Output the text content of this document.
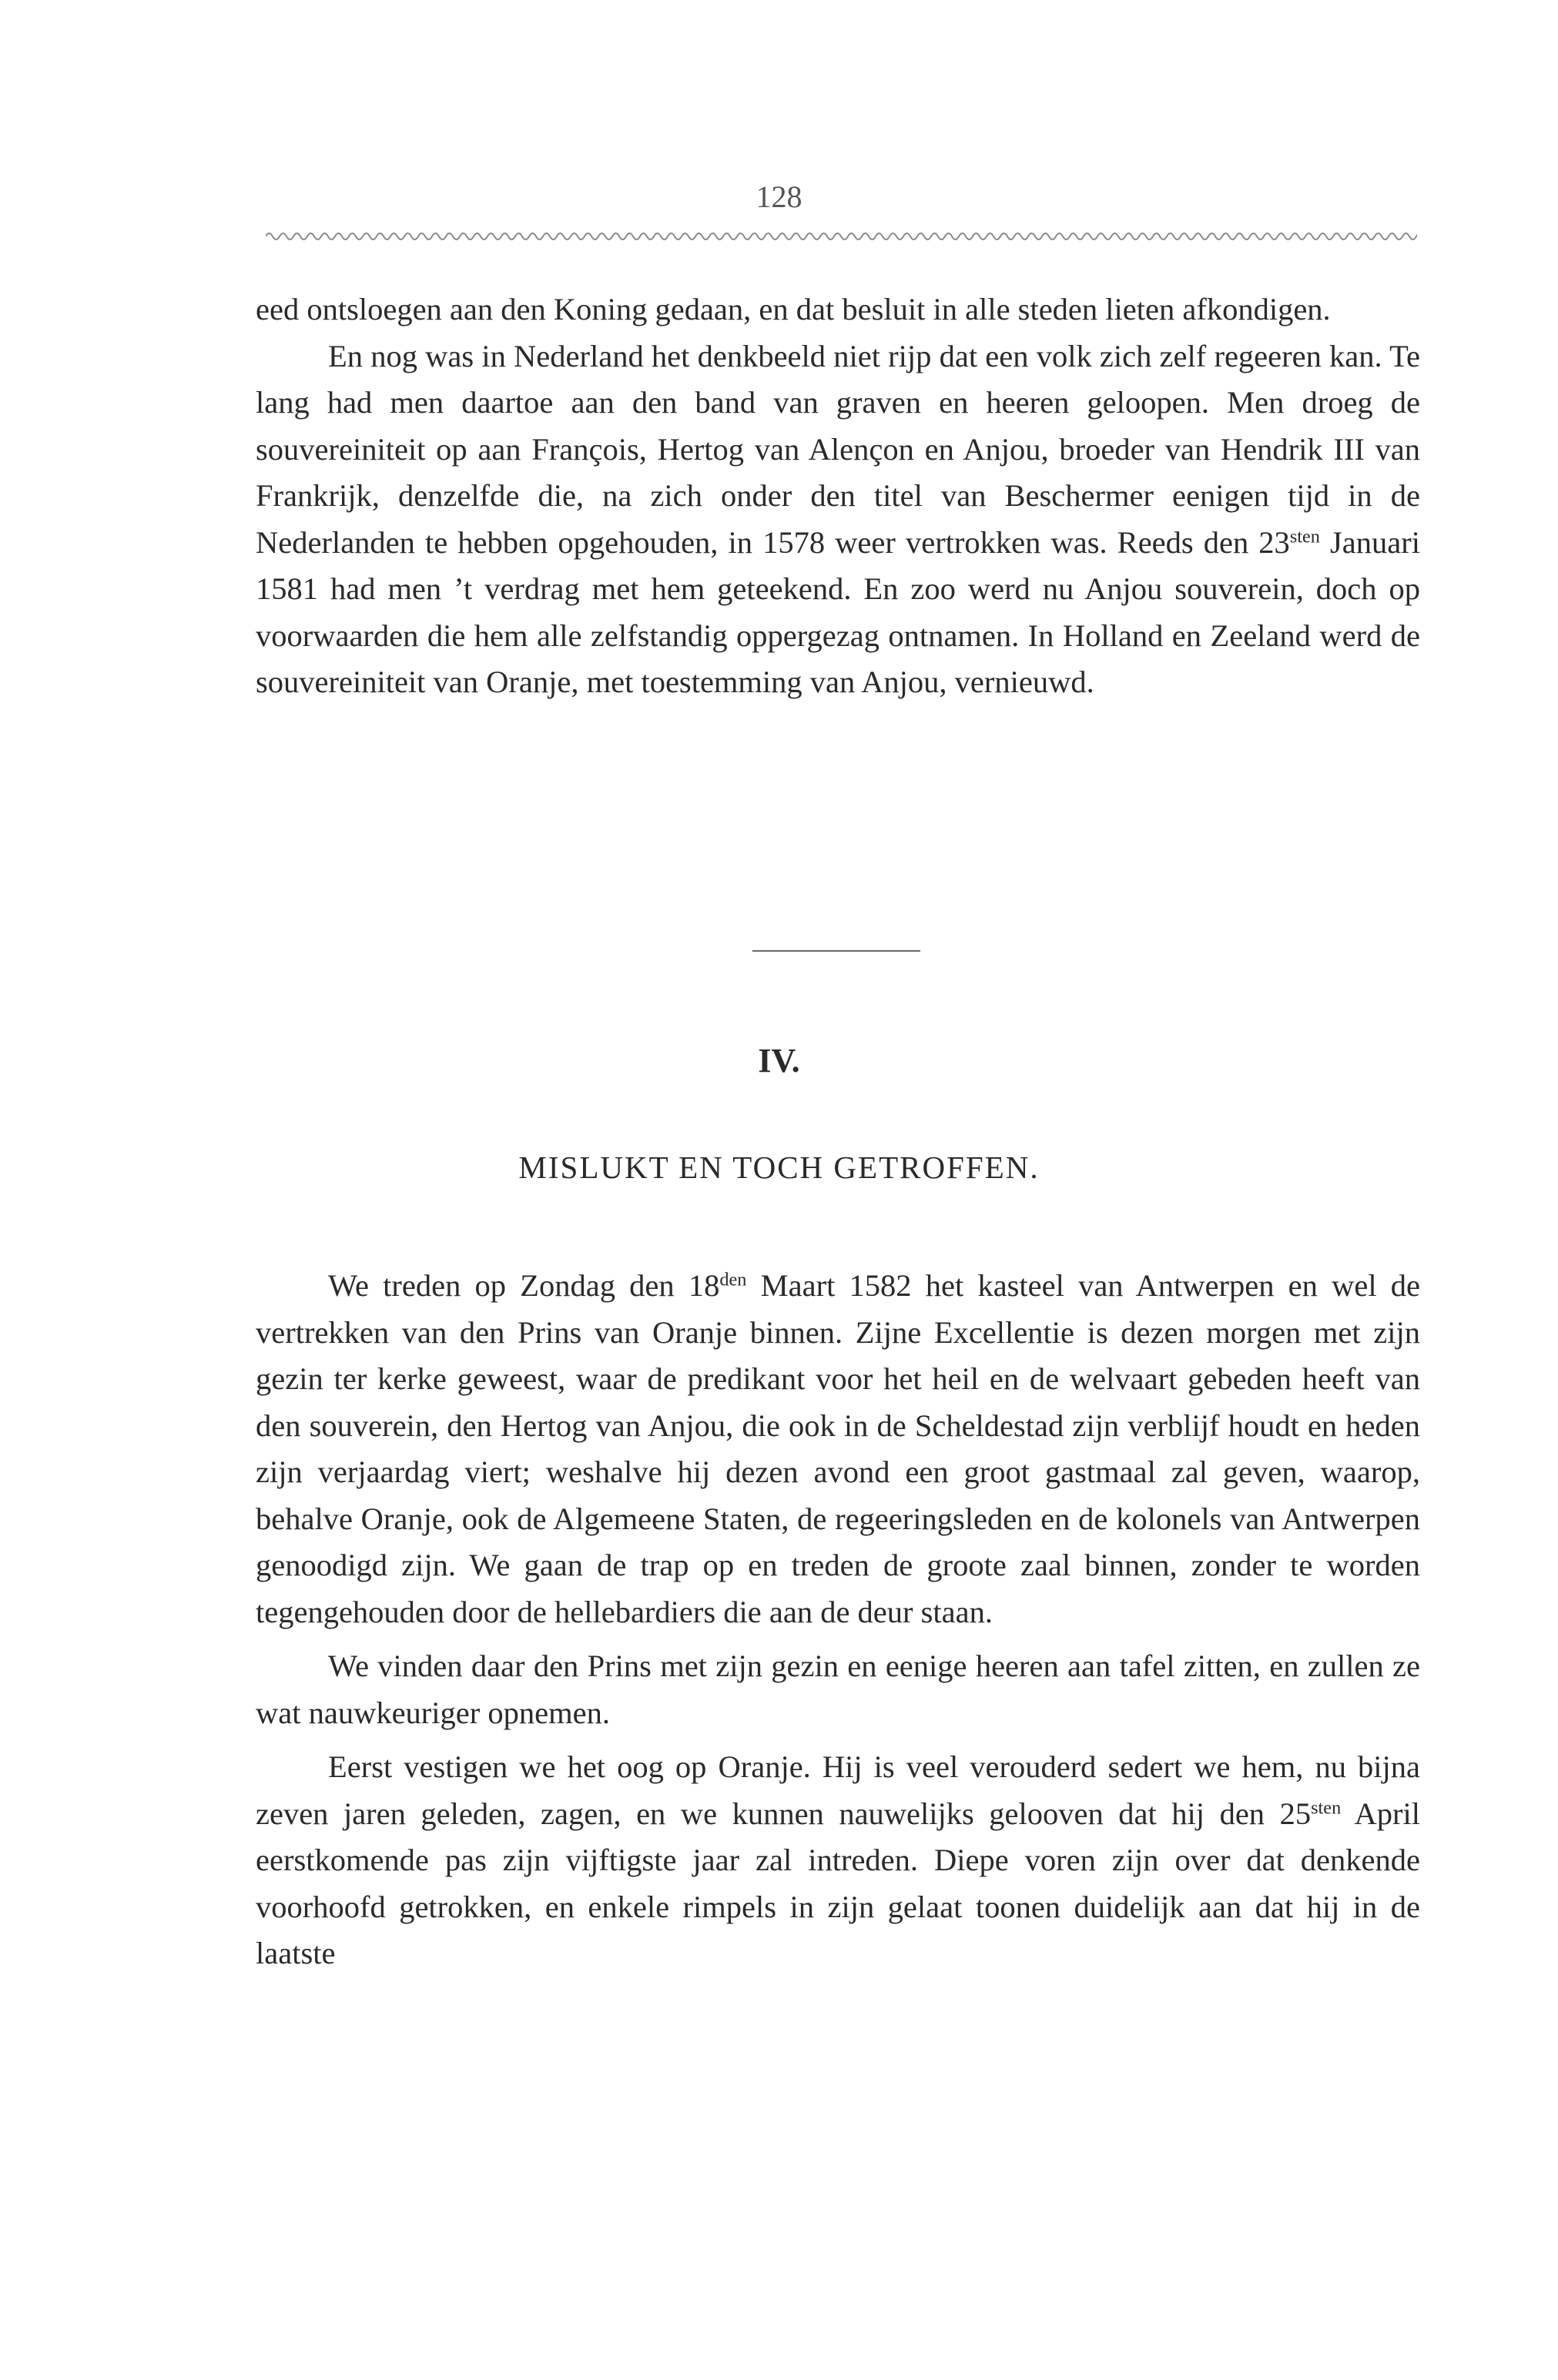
128

eed ontsloegen aan den Koning gedaan, en dat besluit in alle steden lieten afkondigen.

En nog was in Nederland het denkbeeld niet rijp dat een volk zich zelf regeeren kan. Te lang had men daartoe aan den band van graven en heeren geloopen. Men droeg de souvereiniteit op aan François, Hertog van Alençon en Anjou, broeder van Hendrik III van Frankrijk, denzelfde die, na zich onder den titel van Beschermer eenigen tijd in de Nederlanden te hebben opgehouden, in 1578 weer vertrokken was. Reeds den $23^{sten}$ Januari 1581 had men ’t verdrag met hem geteekend. En zoo werd nu Anjou souverein, doch op voorwaarden die hem alle zelfstandig oppergezag ontnamen. In Holland en Zeeland werd de souvereiniteit van Oranje, met toestemming van Anjou, vernieuwd.

IV.
MISLUKT EN TOCH GETROFFEN.

We treden op Zondag den $18^{den}$ Maart 1582 het kasteel van Antwerpen en wel de vertrekken van den Prins van Oranje binnen. Zijne Excellentie is dezen morgen met zijn gezin ter kerke geweest, waar de predikant voor het heil en de welvaart gebeden heeft van den souverein, den Hertog van Anjou, die ook in de Scheldestad zijn verblijf houdt en heden zijn verjaardag viert; weshalve hij dezen avond een groot gastmaal zal geven, waarop, behalve Oranje, ook de Algemeene Staten, de regeeringsleden en de kolonels van Antwerpen genoodigd zijn. We gaan de trap op en treden de groote zaal binnen, zonder te worden tegengehouden door de hellebardiers die aan de deur staan.

We vinden daar den Prins met zijn gezin en eenige heeren aan tafel zitten, en zullen ze wat nauwkeuriger opnemen.

Eerst vestigen we het oog op Oranje. Hij is veel verouderd sedert we hem, nu bijna zeven jaren geleden, zagen, en we kunnen nauwelijks gelooven dat hij den $25^{sten}$ April eerstkomende pas zijn vijftigste jaar zal intreden. Diepe voren zijn over dat denkende voorhoofd getrokken, en enkele rimpels in zijn gelaat toonen duidelijk aan dat hij in de laatste
